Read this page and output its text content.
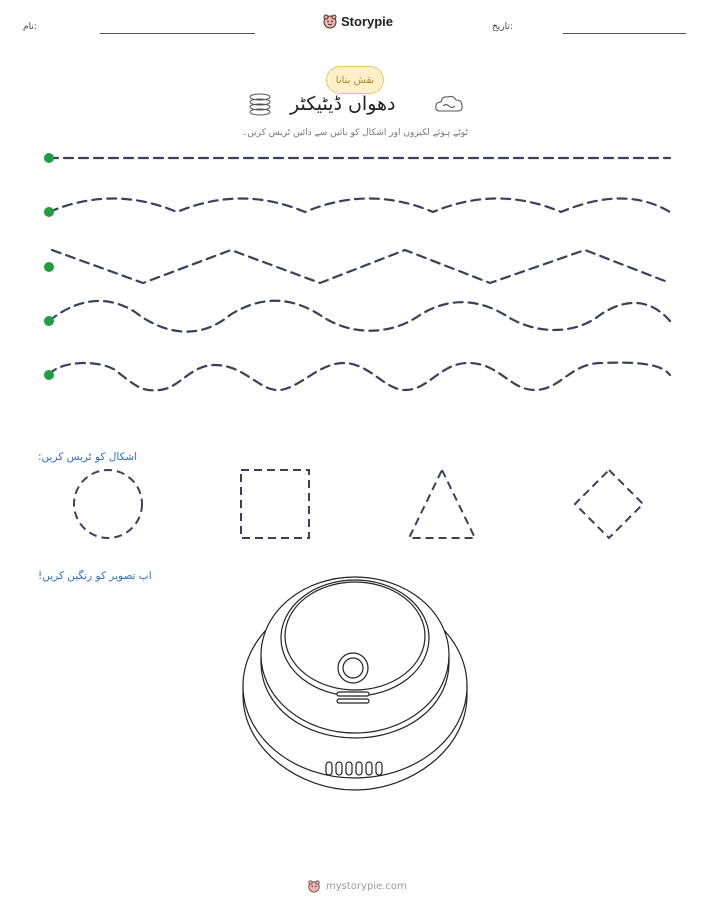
نام:	Storypie	تاریخ:
نقش بنانا
دھواں ڈیٹیکٹر
ٹوٹے ہوئے لکیروں اور اشکال کو بائیں سے دائیں ٹریس کریں۔
اشکال کو ٹریس کریں:
اب تصویر کو رنگین کریں!
mystorypie.com
